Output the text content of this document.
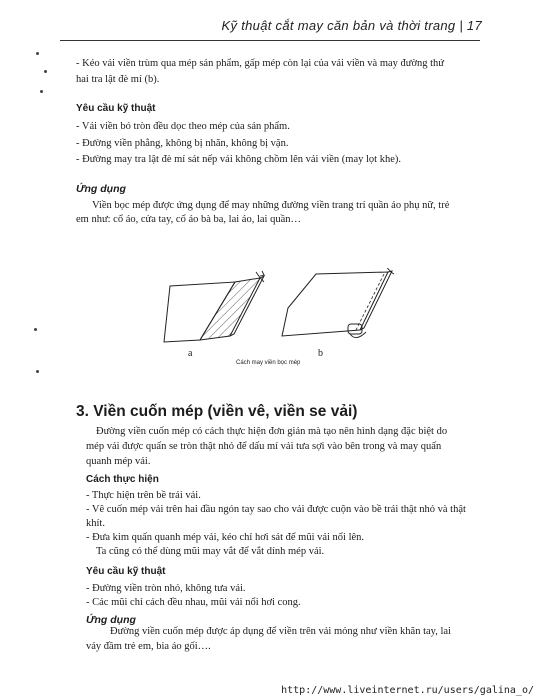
Kỹ thuật cắt may căn bản và thời trang | 17
- Kéo vải viền trùm qua mép sản phẩm, gấp mép còn lại của vải viền và may đường thứ
hai tra lật đè mí (b).
Yêu cầu kỹ thuật
- Vải viền bó tròn đều dọc theo mép của sản phẩm.
- Đường viền phẳng, không bị nhăn, không bị vặn.
- Đường may tra lật đè mí sát nếp vải không chồm lên vải viền (may lọt khe).
Ứng dụng
Viền bọc mép được ứng dụng để may những đường viền trang trí quần áo phụ nữ, trẻ
em như: cổ áo, cửa tay, cổ áo bà ba, lai áo, lai quần…
a	b
Cách may viền bọc mép
3. Viền cuốn mép (viền vê, viền se vải)
Đường viền cuốn mép có cách thực hiện đơn giản mà tạo nên hình dạng đặc biệt do
mép vải được quấn se tròn thật nhỏ để dấu mí vải tưa sợi vào bên trong và may quấn
quanh mép vải.
Cách thực hiện
- Thực hiện trên bề trái vải.
- Vê cuốn mép vải trên hai đầu ngón tay sao cho vải được cuộn vào bề trái thật nhỏ và thật
khít.
- Đưa kim quấn quanh mép vải, kéo chỉ hơi sát để mũi vải nổi lên.
Ta cũng có thể dùng mũi may vắt để vắt dính mép vải.
Yêu cầu kỹ thuật
- Đường viền tròn nhỏ, không tưa vải.
- Các mũi chỉ cách đều nhau, mũi vải nổi hơi cong.
Ứng dụng
Đường viền cuốn mép được áp dụng để viền trên vải mỏng như viền khăn tay, lai
váy đầm trẻ em, bia áo gối….
http://www.liveinternet.ru/users/galina_o/
